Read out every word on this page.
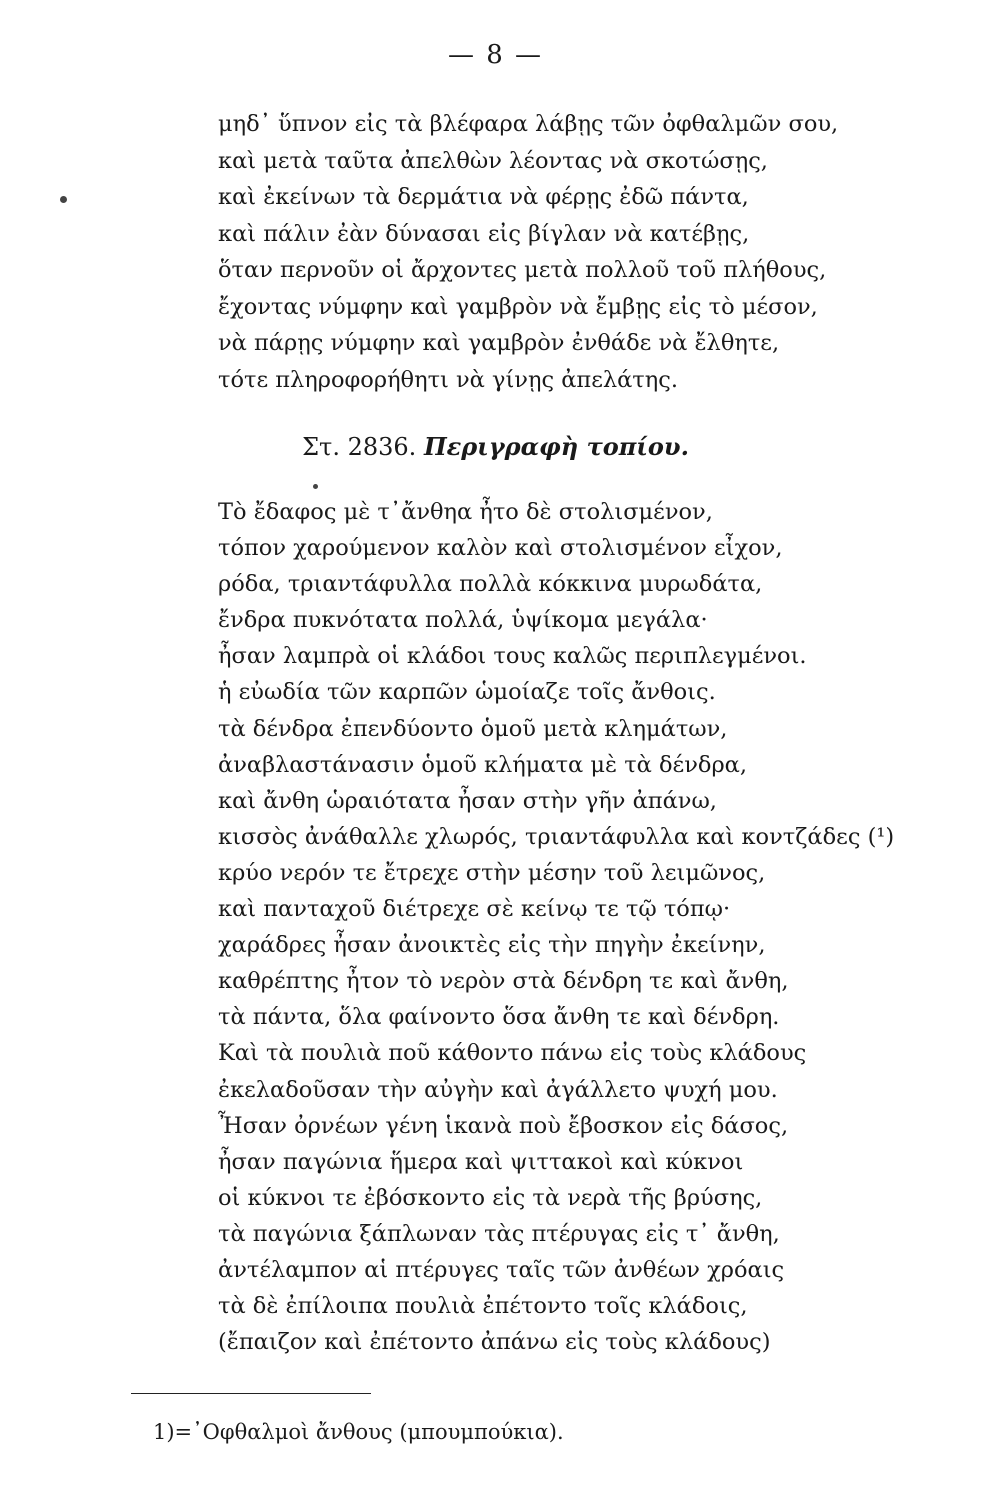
— 8 —
μηδ᾽ ὕπνον εἰς τὰ βλέφαρα λάβῃς τῶν ὀφθαλμῶν σου,
καὶ μετὰ ταῦτα ἀπελθὼν λέοντας νὰ σκοτώσῃς,
καὶ ἐκείνων τὰ δερμάτια νὰ φέρῃς ἐδῶ πάντα,
καὶ πάλιν ἐὰν δύνασαι εἰς βίγλαν νὰ κατέβῃς,
ὅταν περνοῦν οἱ ἄρχοντες μετὰ πολλοῦ τοῦ πλήθους,
ἔχοντας νύμφην καὶ γαμβρὸν νὰ ἔμβῃς εἰς τὸ μέσον,
νὰ πάρῃς νύμφην καὶ γαμβρὸν ἐνθάδε νὰ ἔλθητε,
τότε πληροφορήθητι νὰ γίνῃς ἀπελάτης.
Στ. 2836. Περιγραφὴ τοπίου.
Τὸ ἔδαφος μὲ τ᾽ἄνθηα ἦτο δὲ στολισμένον,
τόπον χαρούμενον καλὸν καὶ στολισμένον εἶχον,
ρόδα, τριαντάφυλλα πολλὰ κόκκινα μυρωδάτα,
ἔνδρα πυκνότατα πολλά, ὑψίκομα μεγάλα·
ἦσαν λαμπρὰ οἱ κλάδοι τους καλῶς περιπλεγμένοι.
ἡ εὐωδία τῶν καρπῶν ὡμοίαζε τοῖς ἄνθοις.
τὰ δένδρα ἐπενδύοντο ὁμοῦ μετὰ κλημάτων,
ἀναβλαστάνασιν ὁμοῦ κλήματα μὲ τὰ δένδρα,
καὶ ἄνθη ὡραιότατα ἦσαν στὴν γῆν ἀπάνω,
κισσὸς ἀνάθαλλε χλωρός, τριαντάφυλλα καὶ κοντζάδες (¹)
κρύο νερόν τε ἔτρεχε στὴν μέσην τοῦ λειμῶνος,
καὶ πανταχοῦ διέτρεχε σὲ κείνῳ τε τῷ τόπῳ·
χαράδρες ἦσαν ἀνοικτὲς εἰς τὴν πηγὴν ἐκείνην,
καθρέπτης ἦτον τὸ νερὸν στὰ δένδρη τε καὶ ἄνθη,
τὰ πάντα, ὅλα φαίνοντο ὅσα ἄνθη τε καὶ δένδρη.
Καὶ τὰ πουλιὰ ποῦ κάθοντο πάνω εἰς τοὺς κλάδους
ἐκελαδοῦσαν τὴν αὐγὴν καὶ ἀγάλλετο ψυχή μου.
Ἦσαν ὀρνέων γένη ἱκανὰ ποὺ ἔβοσκον εἰς δάσος,
ἦσαν παγώνια ἥμερα καὶ ψιττακοὶ καὶ κύκνοι
οἱ κύκνοι τε ἐβόσκοντο εἰς τὰ νερὰ τῆς βρύσης,
τὰ παγώνια ξάπλωναν τὰς πτέρυγας εἰς τ᾽ ἄνθη,
ἀντέλαμπον αἱ πτέρυγες ταῖς τῶν ἀνθέων χρόαις
τὰ δὲ ἐπίλοιπα πουλιὰ ἐπέτοντο τοῖς κλάδοις,
(ἔπαιζον καὶ ἐπέτοντο ἀπάνω εἰς τοὺς κλάδους)
1)=᾿Οφθαλμοὶ ἄνθους (μπουμπούκια).
